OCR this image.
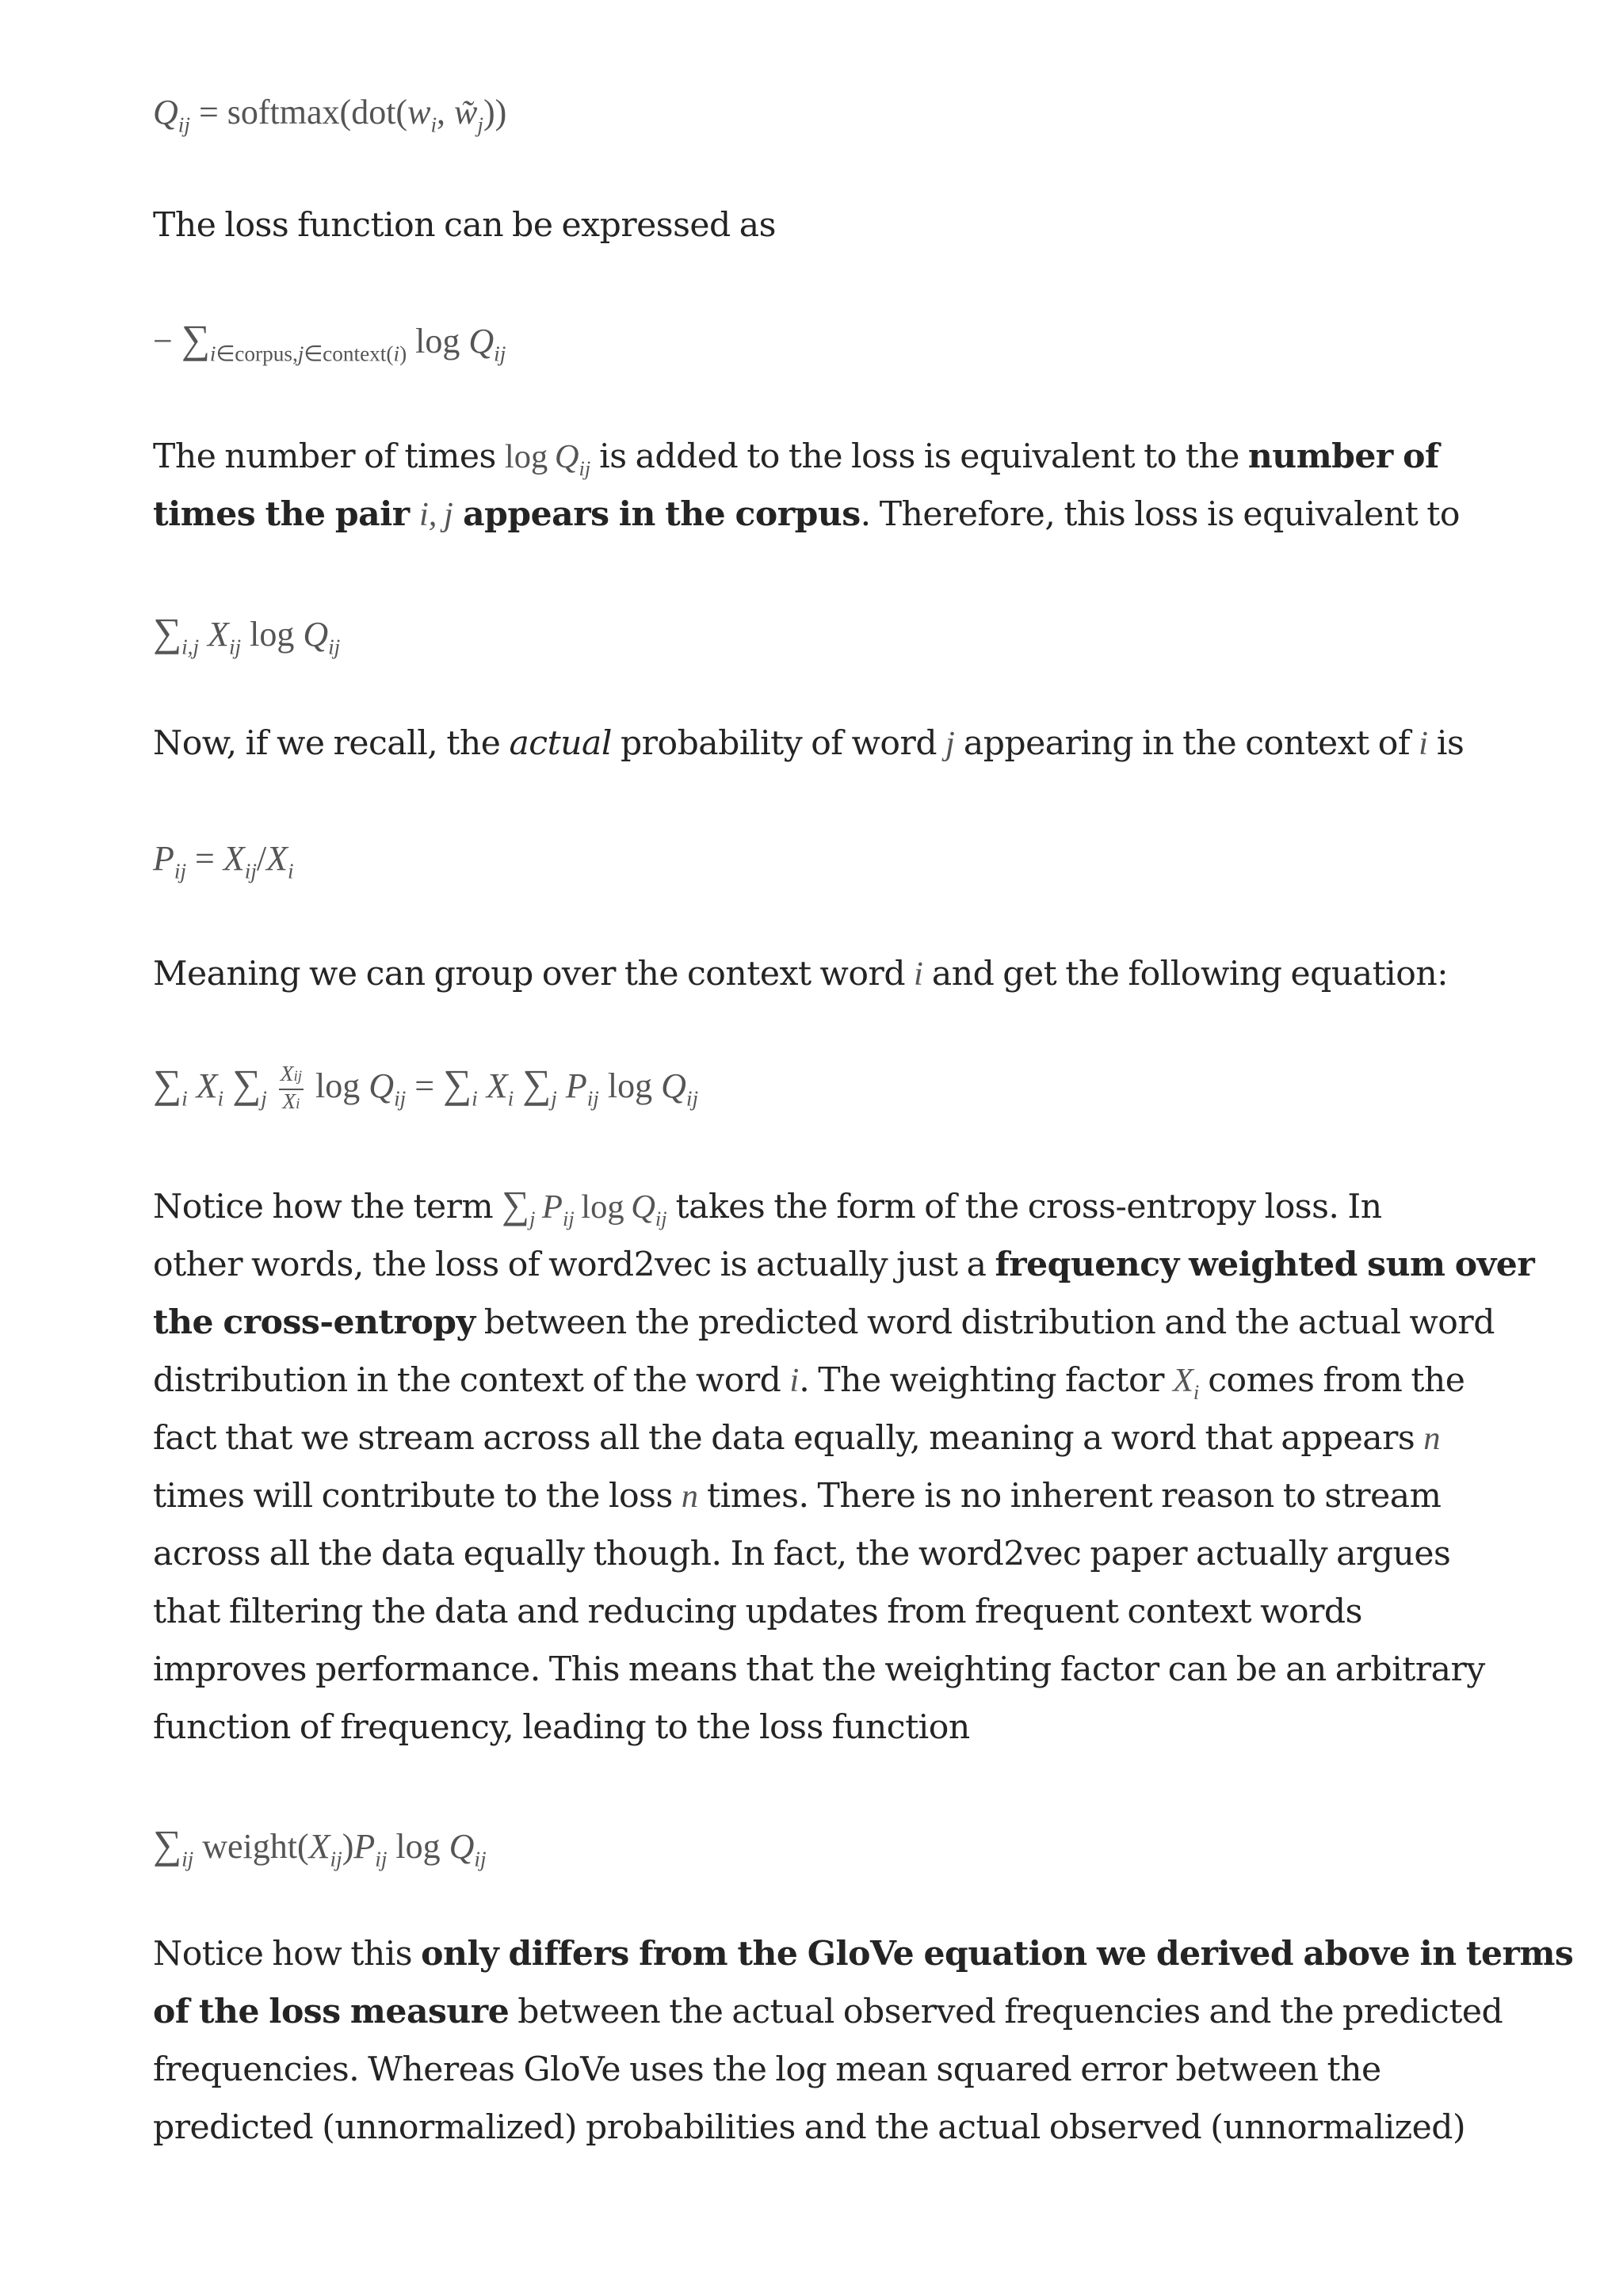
$Q_{ij}$ = $softmax(dot(w_i$, $w̃_j$))

The loss function can be expressed as

− $\sum_{i\in corpus,j\in context(i)}$ $\log Q_{ij}$

The number of times $\log Q_{ij}$ is added to the loss is equivalent to the number of

times the pair i, j appears in the corpus. Therefore, this loss is equivalent to

$\sum_{i,j}$ $X_{ij}$ $\log Q_{ij}$

Now, if we recall, the actual probability of word j appearing in the context of i is

$P_{ij} = X_{ij}/X_i$

Meaning we can group over the context word i and get the following equation:

$\sum_i$ $X_i$ $\sum_j \frac{\text{Xij}}{Xi}$ $\log Q_{ij} = \sum_i$ $X_i$ $\sum_j$ $P_{ij}$ $\log Q_{ij}$

Notice how the term $\sum_j$ $P_{ij}$ $\log Q_{ij}$ takes the form of the cross-entropy loss. In

other words, the loss of word2vec is actually just a frequency weighted sum over

the cross-entropy between the predicted word distribution and the actual word

distribution in the context of the word i. The weighting factor $X_i$ comes from the

fact that we stream across all the data equally, meaning a word that appears n

times will contribute to the loss n times. There is no inherent reason to stream

across all the data equally though. In fact, the word2vec paper actually argues

that filtering the data and reducing updates from frequent context words

improves performance. This means that the weighting factor can be an arbitrary

function of frequency, leading to the loss function

$\sum_{ij}$ $weight(X_{ij})P_{ij}$ $\log Q_{ij}$

Notice how this only differs from the GloVe equation we derived above in terms

of the loss measure between the actual observed frequencies and the predicted

frequencies. Whereas GloVe uses the log mean squared error between the

predicted (unnormalized) probabilities and the actual observed (unnormalized)
